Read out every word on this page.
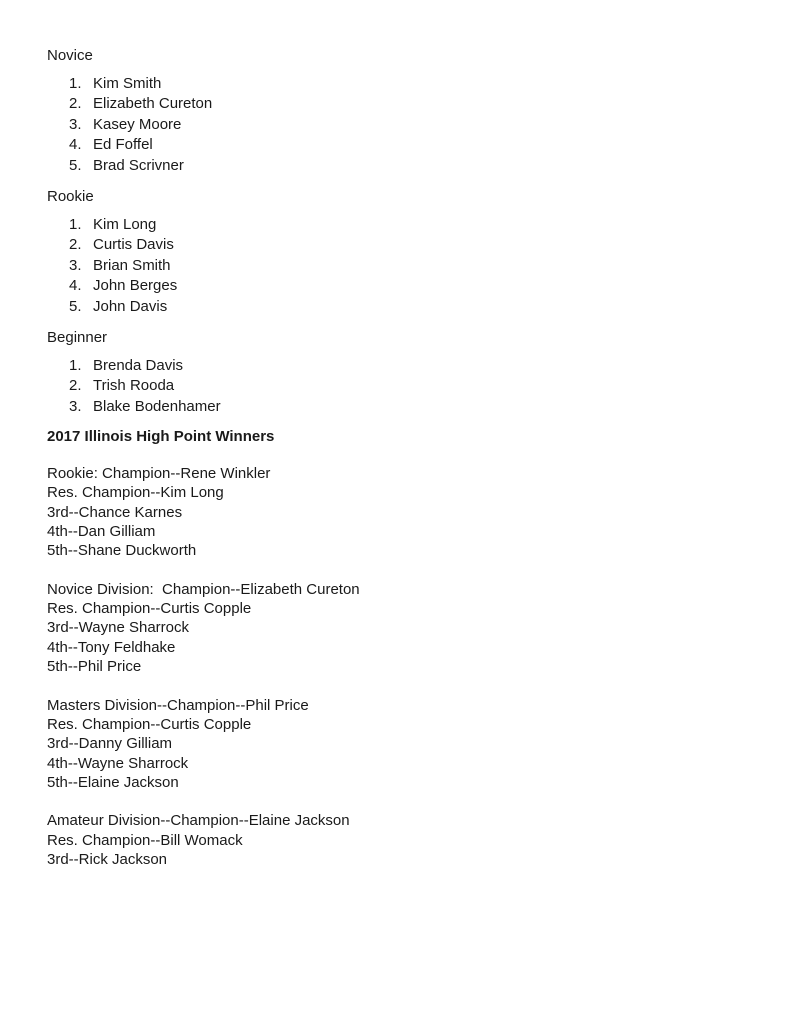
Novice

1. Kim Smith
2. Elizabeth Cureton
3. Kasey Moore
4. Ed Foffel
5. Brad Scrivner

Rookie

1. Kim Long
2. Curtis Davis
3. Brian Smith
4. John Berges
5. John Davis

Beginner

1. Brenda Davis
2. Trish Rooda
3. Blake Bodenhamer
2017 Illinois High Point Winners
Rookie: Champion--Rene Winkler
Res. Champion--Kim Long
3rd--Chance Karnes
4th--Dan Gilliam
5th--Shane Duckworth
Novice Division:  Champion--Elizabeth Cureton
Res. Champion--Curtis Copple
3rd--Wayne Sharrock
4th--Tony Feldhake
5th--Phil Price
Masters Division--Champion--Phil Price
Res. Champion--Curtis Copple
3rd--Danny Gilliam
4th--Wayne Sharrock
5th--Elaine Jackson
Amateur Division--Champion--Elaine Jackson
Res. Champion--Bill Womack
3rd--Rick Jackson
